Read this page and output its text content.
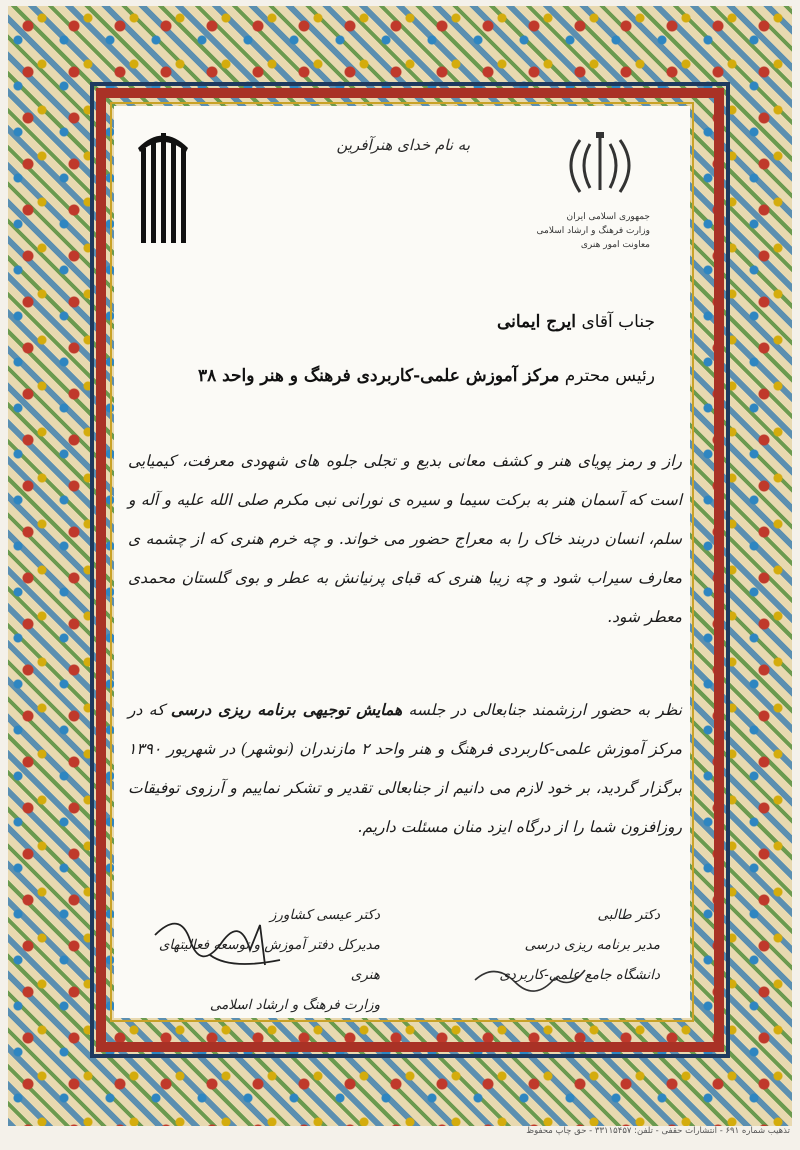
به نام خدای هنرآفرین
جمهوری اسلامی ایران
وزارت فرهنگ و ارشاد اسلامی
معاونت امور هنری
جناب آقای ایرج ایمانی
رئیس محترم مرکز آموزش علمی-کاربردی فرهنگ و هنر واحد ۳۸
راز و رمز پویای هنر و کشف معانی بدیع و تجلی جلوه های شهودی معرفت، کیمیایی است که آسمان هنر به برکت سیما و سیره ی نورانی نبی مکرم صلی الله علیه و آله و سلم، انسان دربند خاک را به معراج حضور می خواند. و چه خرم هنری که از چشمه ی معارف سیراب شود و چه زیبا هنری که قبای پرنیانش به عطر و بوی گلستان محمدی معطر شود.
نظر به حضور ارزشمند جنابعالی در جلسه همایش توجیهی برنامه ریزی درسی که در مرکز آموزش علمی-کاربردی فرهنگ و هنر واحد ۲ مازندران (نوشهر) در شهریور ۱۳۹۰ برگزار گردید، بر خود لازم می دانیم از جنابعالی تقدیر و تشکر نماییم و آرزوی توفیقات روزافزون شما را از درگاه ایزد منان مسئلت داریم.
دکتر عیسی کشاورز
مدیرکل دفتر آموزش و توسعه فعالیتهای هنری
وزارت فرهنگ و ارشاد اسلامی
دکتر طالبی
مدیر برنامه ریزی درسی
دانشگاه جامع علمی-کاربردی
تذهیب شماره ۶۹۱ - انتشارات حقفی - تلفن: ۳۳۱۱۵۴۵۷ - حق چاپ محفوظ
